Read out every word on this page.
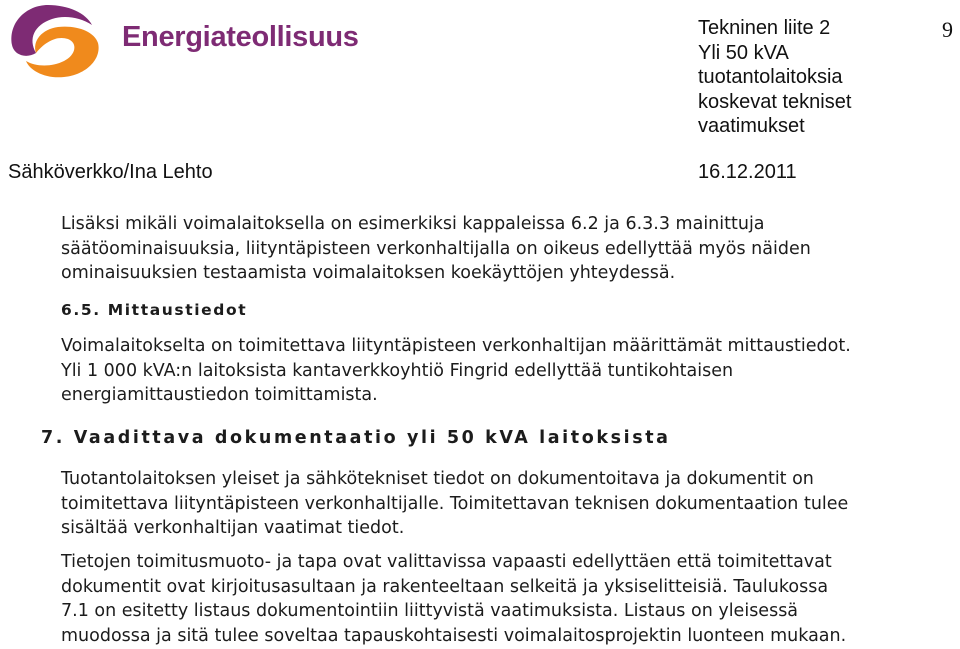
Energiateollisuus	Tekninen liite 2
Yli 50 kVA
tuotantolaitoksia
koskevat tekniset
vaatimukset
9
Sähköverkko/Ina Lehto	16.12.2011
Lisäksi mikäli voimalaitoksella on esimerkiksi kappaleissa 6.2 ja 6.3.3 mainittuja
säätöominaisuuksia, liityntäpisteen verkonhaltijalla on oikeus edellyttää myös näiden
ominaisuuksien testaamista voimalaitoksen koekäyttöjen yhteydessä.
6.5. Mittaustiedot
Voimalaitokselta on toimitettava liityntäpisteen verkonhaltijan määrittämät mittaustiedot.
Yli 1 000 kVA:n laitoksista kantaverkkoyhtiö Fingrid edellyttää tuntikohtaisen
energiamittaustiedon toimittamista.
7. Vaadittava dokumentaatio yli 50 kVA laitoksista
Tuotantolaitoksen yleiset ja sähkötekniset tiedot on dokumentoitava ja dokumentit on
toimitettava liityntäpisteen verkonhaltijalle. Toimitettavan teknisen dokumentaation tulee
sisältää verkonhaltijan vaatimat tiedot.
Tietojen toimitusmuoto- ja tapa ovat valittavissa vapaasti edellyttäen että toimitettavat
dokumentit ovat kirjoitusasultaan ja rakenteeltaan selkeitä ja yksiselitteisiä. Taulukossa
7.1 on esitetty listaus dokumentointiin liittyvistä vaatimuksista. Listaus on yleisessä
muodossa ja sitä tulee soveltaa tapauskohtaisesti voimalaitosprojektin luonteen mukaan.
